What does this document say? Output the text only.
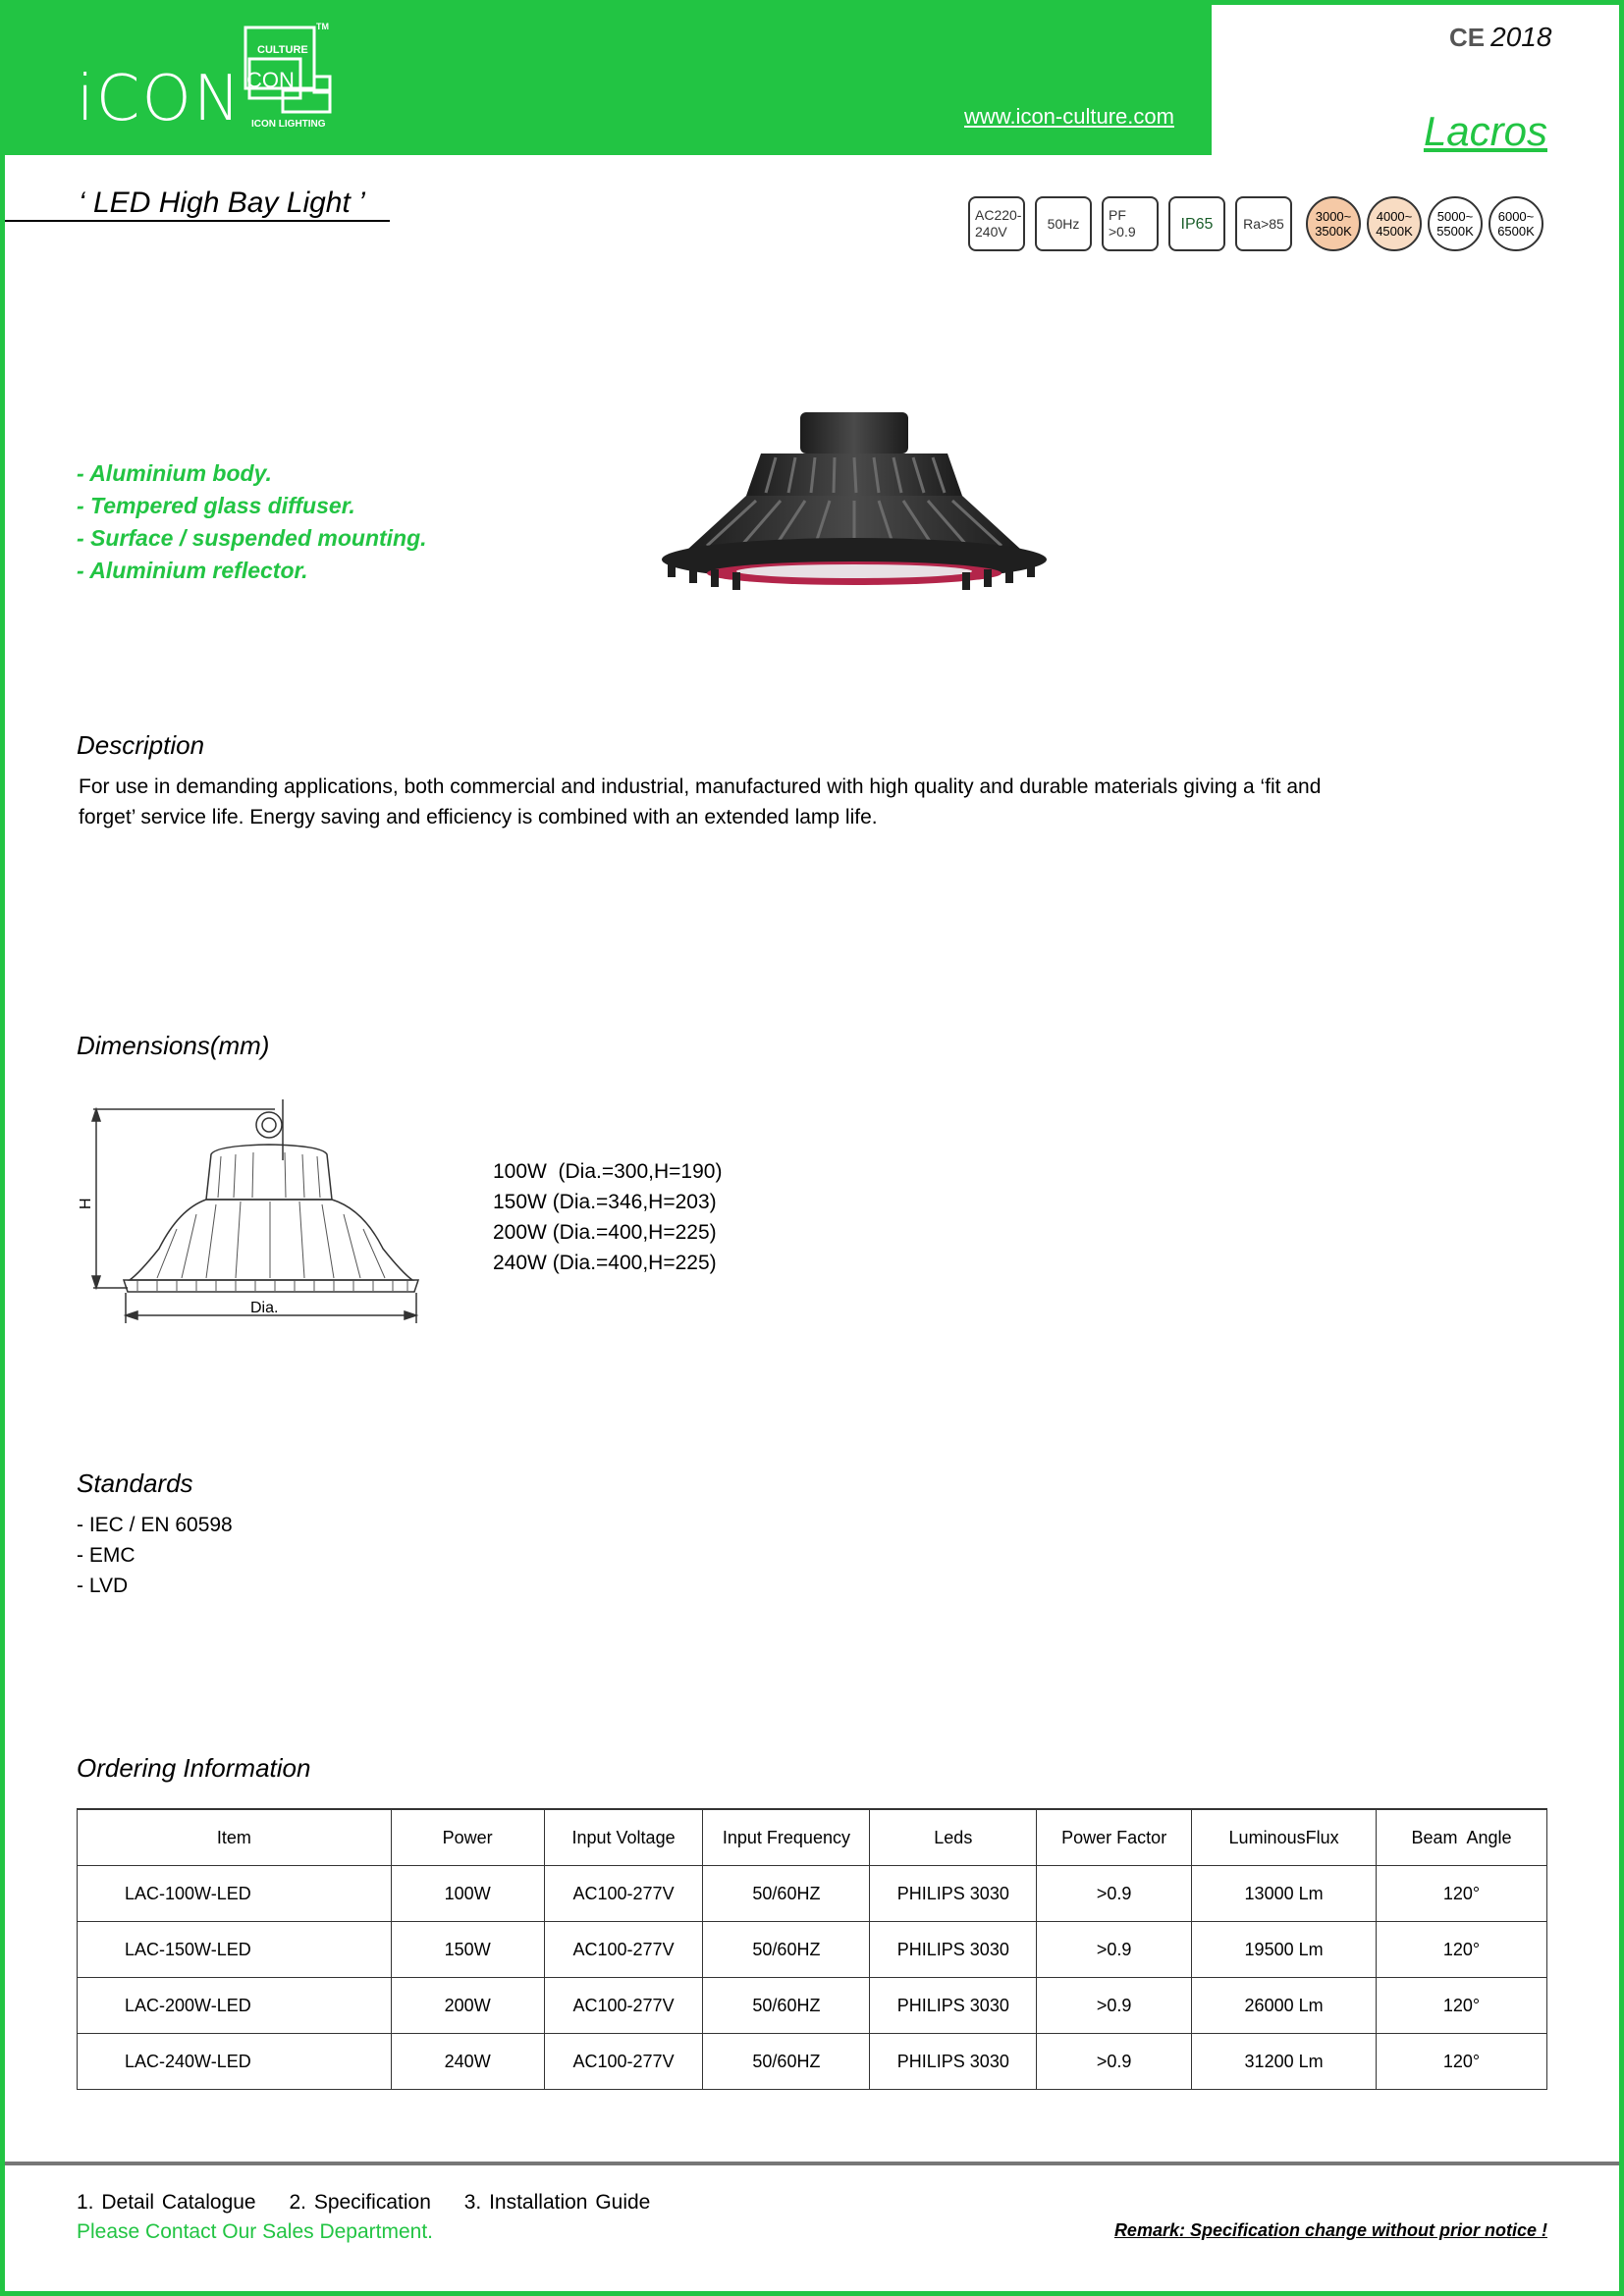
iCON
CULTURE
CON
TM
ICON LIGHTING	www.icon-culture.com
CE 2018
Lacros
‘ LED High Bay Light ’	AC220-
240V
50Hz
PF
>0.9	IP65 Ra>85 3000~
3500K
4000~
4500K
5000~
5500K
6000~
6500K
- Aluminium body.
- Tempered glass diffuser.
- Surface / suspended mounting.
- Aluminium reflector.
Description
For use in demanding applications, both commercial and industrial, manufactured with high quality and durable materials giving a ‘fit and forget’ service life. Energy saving and efficiency is combined with an extended lamp life.
Dimensions(mm)
H
Dia.
100W  (Dia.=300,H=190)
150W (Dia.=346,H=203)
200W (Dia.=400,H=225)
240W (Dia.=400,H=225)
Standards
- IEC / EN 60598
- EMC
- LVD
Ordering Information
Item	Power	Input Voltage	Input Frequency	Leds	Power Factor	LuminousFlux	Beam  Angle
LAC-100W-LED	100W	AC100-277V	50/60HZ	PHILIPS 3030	>0.9	13000 Lm	120°
LAC-150W-LED	150W	AC100-277V	50/60HZ	PHILIPS 3030	>0.9	19500 Lm	120°
LAC-200W-LED	200W	AC100-277V	50/60HZ	PHILIPS 3030	>0.9	26000 Lm	120°
LAC-240W-LED	240W	AC100-277V	50/60HZ	PHILIPS 3030	>0.9	31200 Lm	120°
1. Detail Catalogue 2. Specification 3. Installation Guide
Please Contact Our Sales Department.	Remark: Specification change without prior notice !
